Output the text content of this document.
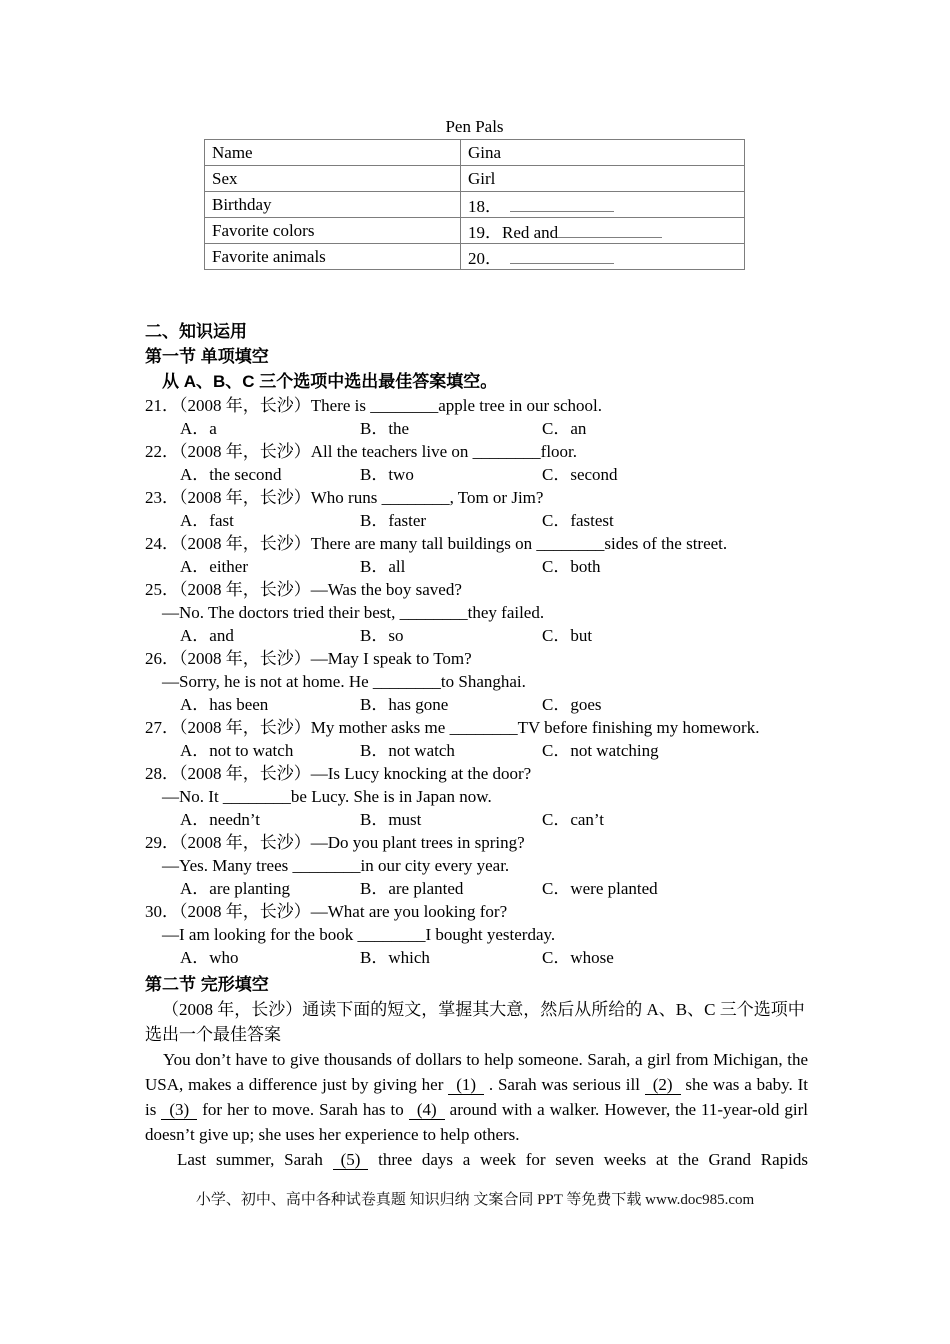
Pen Pals
Name	Gina
Sex	Girl
Birthday	18．
Favorite colors	19．Red and
Favorite animals	20．
二、知识运用
第一节 单项填空
从 A、B、C 三个选项中选出最佳答案填空。
21．（2008 年，长沙）There is ________apple tree in our school.
A．a	B．the	C．an
22．（2008 年，长沙）All the teachers live on ________floor.
A．the second	B．two	C．second
23．（2008 年，长沙）Who runs ________, Tom or Jim?
A．fast	B．faster	C．fastest
24．（2008 年，长沙）There are many tall buildings on ________sides of the street.
A．either	B．all	C．both
25．（2008 年，长沙）—Was the boy saved?
—No. The doctors tried their best, ________they failed.
A．and	B．so	C．but
26．（2008 年，长沙）—May I speak to Tom?
—Sorry, he is not at home. He ________to Shanghai.
A．has been	B．has gone	C．goes
27．（2008 年，长沙）My mother asks me ________TV before finishing my homework.
A．not to watch	B．not watch	C．not watching
28．（2008 年，长沙）—Is Lucy knocking at the door?
—No. It ________be Lucy. She is in Japan now.
A．needn’t	B．must	C．can’t
29．（2008 年，长沙）—Do you plant trees in spring?
—Yes. Many trees ________in our city every year.
A．are planting	B．are planted	C．were planted
30．（2008 年，长沙）—What are you looking for?
—I am looking for the book ________I bought yesterday.
A．who	B．which	C．whose
第二节 完形填空
（2008 年，长沙）通读下面的短文，掌握其大意，然后从所给的 A、B、C 三个选项中
选出一个最佳答案

You don’t have to give thousands of dollars to help someone. Sarah, a girl from Michigan, the USA, makes a difference just by giving her (1) . Sarah was serious ill (2) she was a baby. It is (3) for her to move. Sarah has to (4) around with a walker. However, the 11-year-old girl doesn’t give up; she uses her experience to help others.

Last summer, Sarah (5) three days a week for seven weeks at the Grand Rapids

小学、初中、高中各种试卷真题 知识归纳 文案合同 PPT 等免费下载 www.doc985.com
